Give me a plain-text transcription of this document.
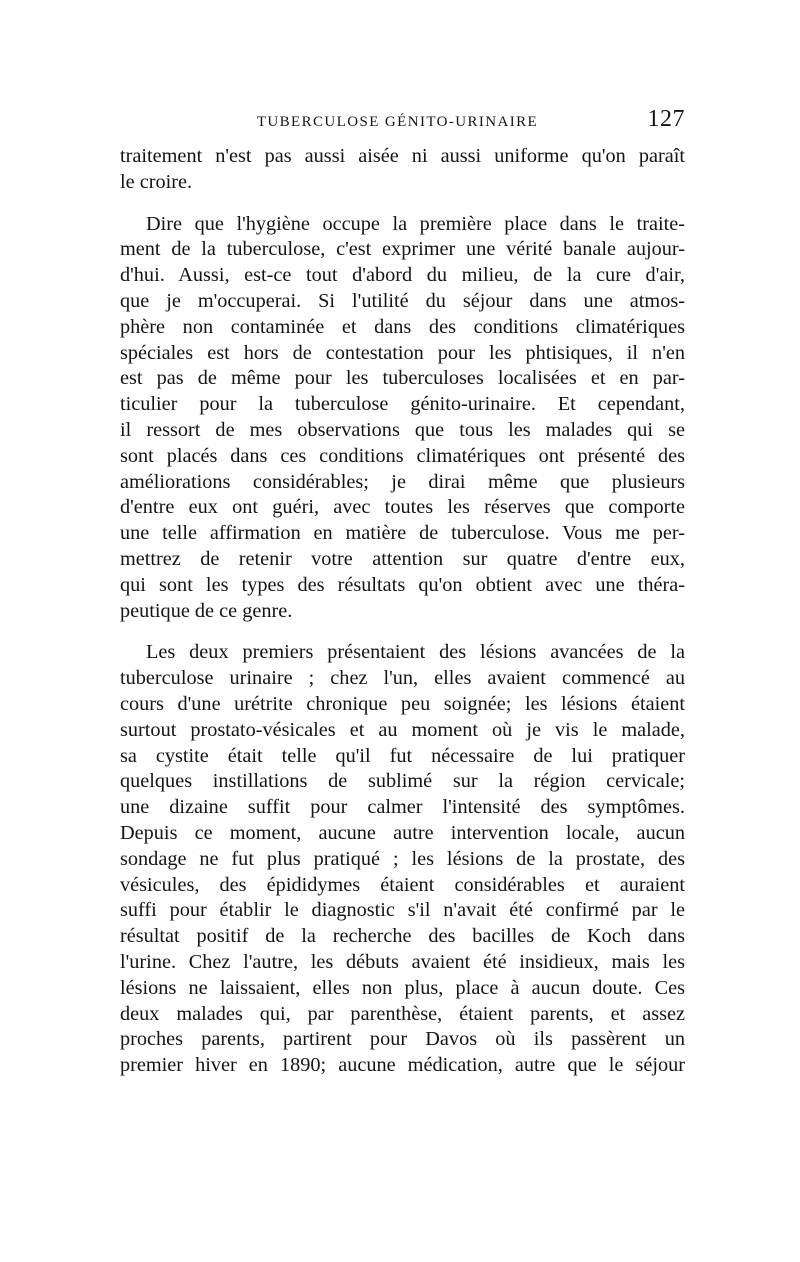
TUBERCULOSE GÉNITO-URINAIRE	127

traitement n'est pas aussi aisée ni aussi uniforme qu'on paraît

le croire.

Dire que l'hygiène occupe la première place dans le traite-

ment de la tuberculose, c'est exprimer une vérité banale aujour-

d'hui. Aussi, est-ce tout d'abord du milieu, de la cure d'air,

que je m'occuperai. Si l'utilité du séjour dans une atmos-

phère non contaminée et dans des conditions climatériques

spéciales est hors de contestation pour les phtisiques, il n'en

est pas de même pour les tuberculoses localisées et en par-

ticulier pour la tuberculose génito-urinaire. Et cependant,

il ressort de mes observations que tous les malades qui se

sont placés dans ces conditions climatériques ont présenté des

améliorations considérables; je dirai même que plusieurs

d'entre eux ont guéri, avec toutes les réserves que comporte

une telle affirmation en matière de tuberculose. Vous me per-

mettrez de retenir votre attention sur quatre d'entre eux,

qui sont les types des résultats qu'on obtient avec une théra-

peutique de ce genre.

Les deux premiers présentaient des lésions avancées de la

tuberculose urinaire ; chez l'un, elles avaient commencé au

cours d'une urétrite chronique peu soignée; les lésions étaient

surtout prostato-vésicales et au moment où je vis le malade,

sa cystite était telle qu'il fut nécessaire de lui pratiquer

quelques instillations de sublimé sur la région cervicale;

une dizaine suffit pour calmer l'intensité des symptômes.

Depuis ce moment, aucune autre intervention locale, aucun

sondage ne fut plus pratiqué ; les lésions de la prostate, des

vésicules, des épididymes étaient considérables et auraient

suffi pour établir le diagnostic s'il n'avait été confirmé par le

résultat positif de la recherche des bacilles de Koch dans

l'urine. Chez l'autre, les débuts avaient été insidieux, mais les

lésions ne laissaient, elles non plus, place à aucun doute. Ces

deux malades qui, par parenthèse, étaient parents, et assez

proches parents, partirent pour Davos où ils passèrent un

premier hiver en 1890; aucune médication, autre que le séjour
